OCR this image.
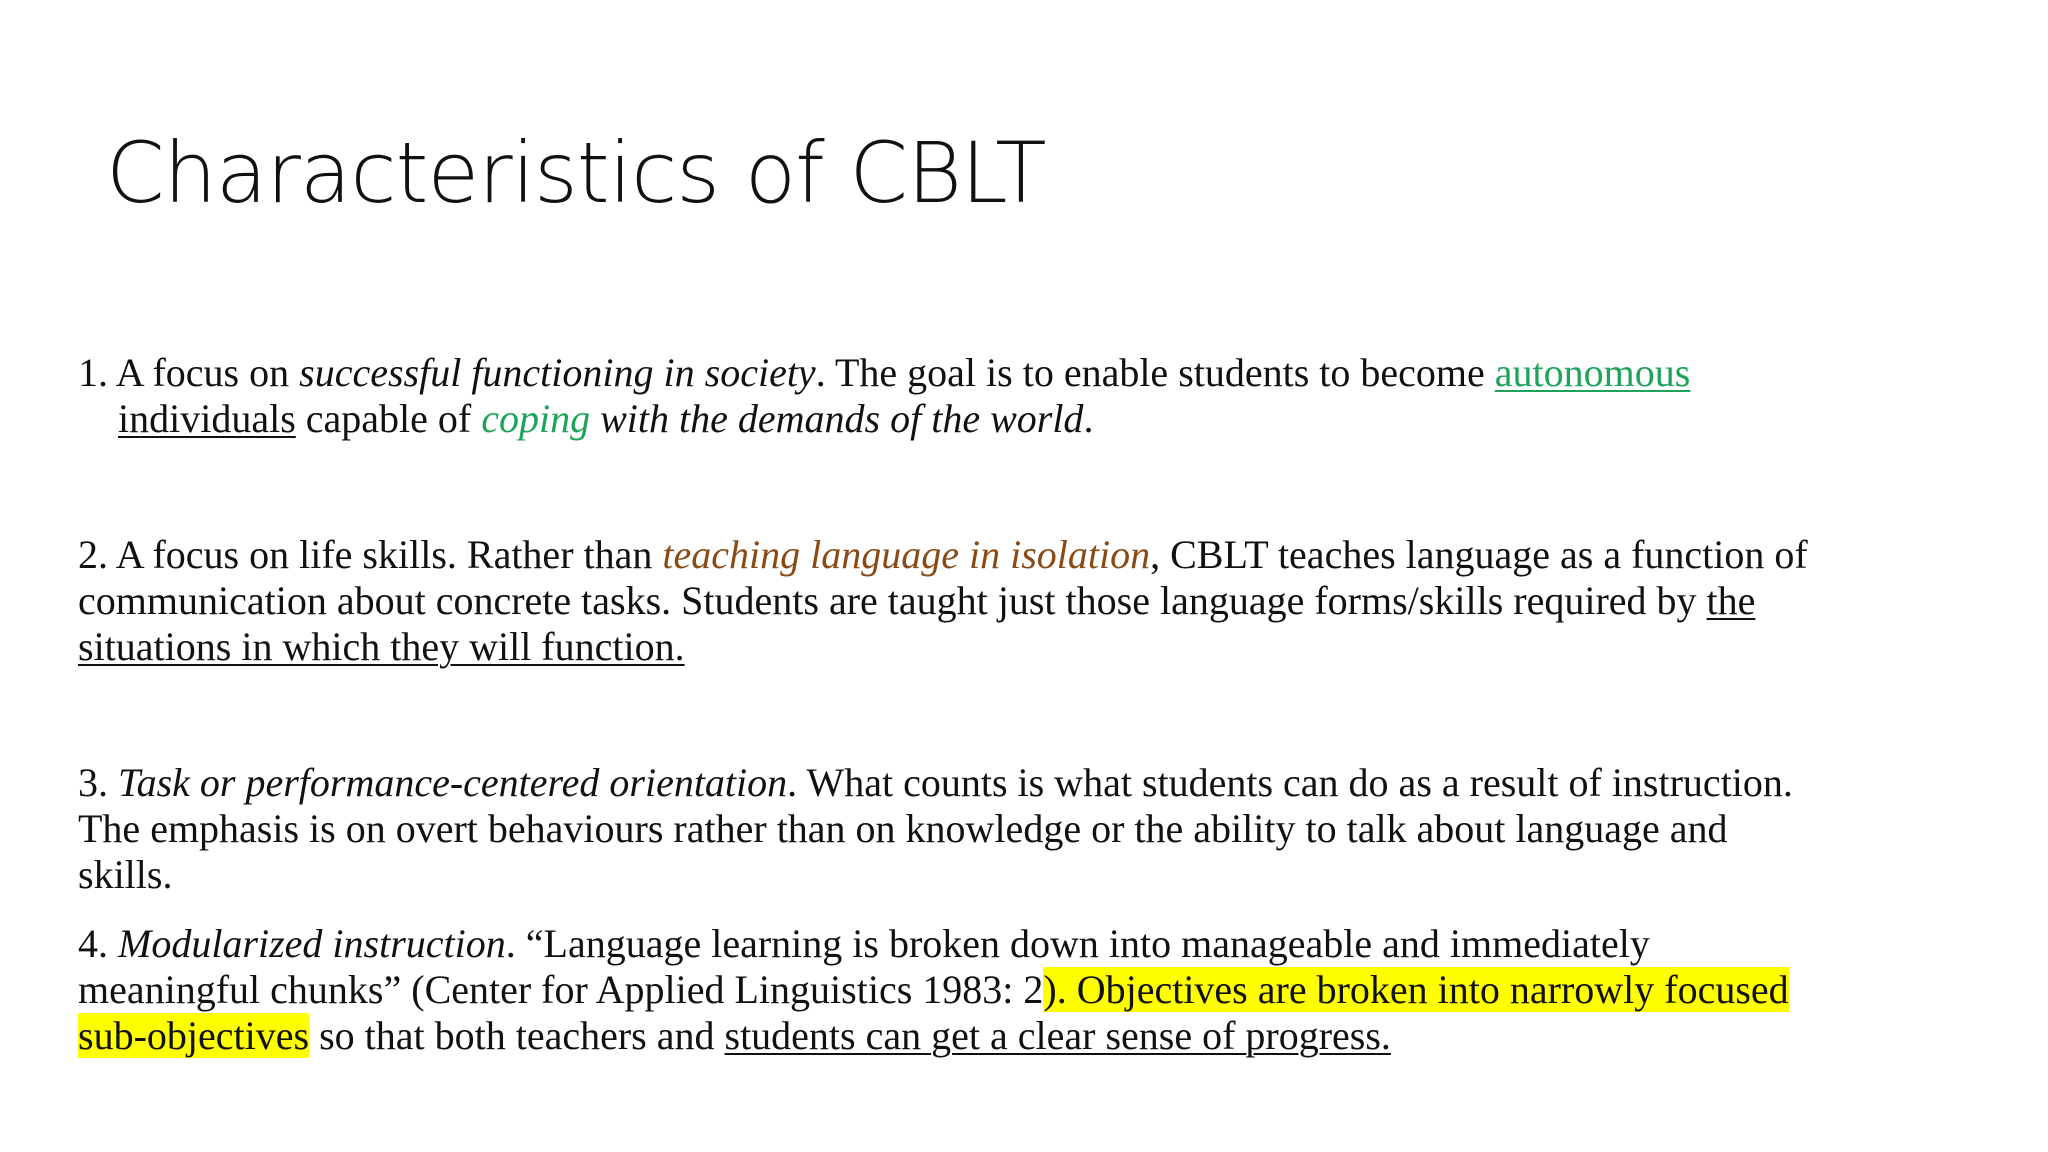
Characteristics of CBLT
1. A focus on successful functioning in society. The goal is to enable students to become autonomous
individuals capable of coping with the demands of the world.
2. A focus on life skills. Rather than teaching language in isolation, CBLT teaches language as a function of
communication about concrete tasks. Students are taught just those language forms/skills required by the
situations in which they will function.
3. Task or performance-centered orientation. What counts is what students can do as a result of instruction.
The emphasis is on overt behaviours rather than on knowledge or the ability to talk about language and
skills.
4. Modularized instruction. “Language learning is broken down into manageable and immediately
meaningful chunks” (Center for Applied Linguistics 1983: 2). Objectives are broken into narrowly focused
sub-objectives so that both teachers and students can get a clear sense of progress.
